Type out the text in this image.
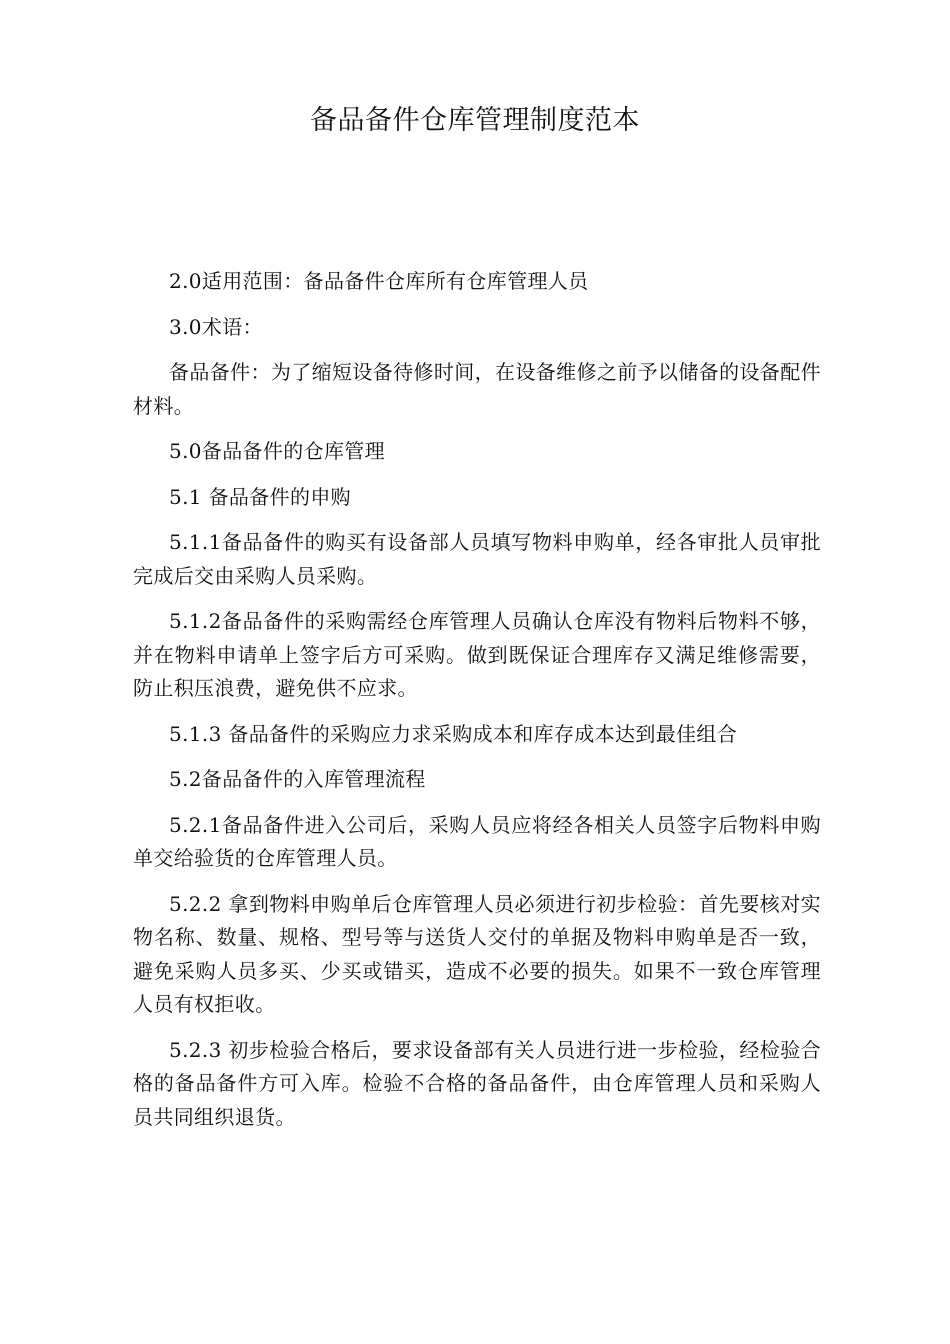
备品备件仓库管理制度范本

2.0适用范围：备品备件仓库所有仓库管理人员

3.0术语：

备品备件：为了缩短设备待修时间，在设备维修之前予以储备的设备配件材料。

5.0备品备件的仓库管理

5.1 备品备件的申购

5.1.1备品备件的购买有设备部人员填写物料申购单，经各审批人员审批完成后交由采购人员采购。

5.1.2备品备件的采购需经仓库管理人员确认仓库没有物料后物料不够，并在物料申请单上签字后方可采购。做到既保证合理库存又满足维修需要，防止积压浪费，避免供不应求。

5.1.3 备品备件的采购应力求采购成本和库存成本达到最佳组合

5.2备品备件的入库管理流程

5.2.1备品备件进入公司后，采购人员应将经各相关人员签字后物料申购单交给验货的仓库管理人员。

5.2.2 拿到物料申购单后仓库管理人员必须进行初步检验：首先要核对实物名称、数量、规格、型号等与送货人交付的单据及物料申购单是否一致，避免采购人员多买、少买或错买，造成不必要的损失。如果不一致仓库管理人员有权拒收。

5.2.3 初步检验合格后，要求设备部有关人员进行进一步检验，经检验合格的备品备件方可入库。检验不合格的备品备件，由仓库管理人员和采购人员共同组织退货。
